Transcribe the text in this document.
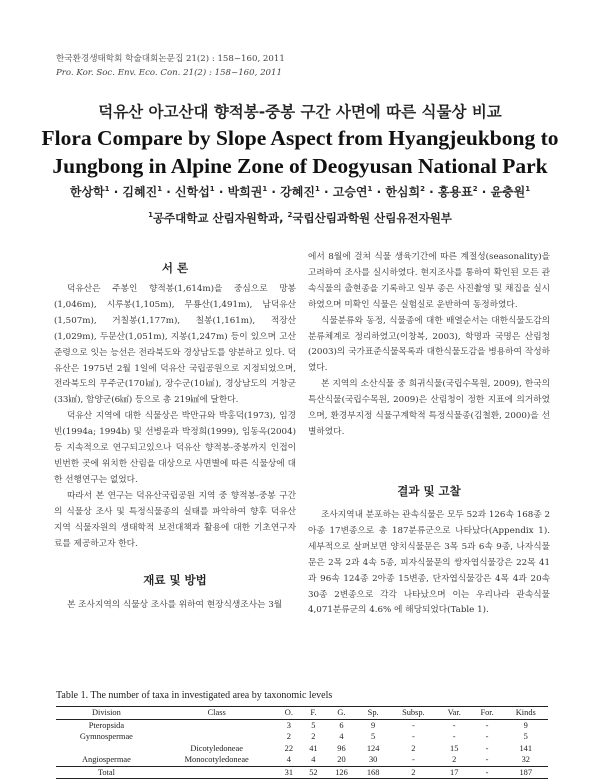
한국환경생태학회 학술대회논문집 21(2) : 158~160, 2011
Pro. Kor. Soc. Env. Eco. Con. 21(2) : 158~160, 2011
덕유산 아고산대 향적봉-중봉 구간 사면에 따른 식물상 비교
Flora Compare by Slope Aspect from Hyangjeukbong to
Jungbong in Alpine Zone of Deogyusan National Park
한상학$^1$ · 김혜진$^1$ · 신학섭$^1$ · 박희권$^1$ · 강혜진$^1$ · 고승연$^1$ · 한심희$^2$ · 홍용표$^2$ · 윤충원$^1$
$^1$공주대학교 산림자원학과, $^2$국립산림과학원 산림유전자원부
서 론

덕유산은 주봉인 향적봉(1,614m)을 중심으로 망봉(1,046m), 시루봉(1,105m), 무룡산(1,491m), 남덕유산(1,507m), 거칠봉(1,177m), 칠봉(1,161m), 적장산(1,029m), 두문산(1,051m), 지봉(1,247m) 등이 있으며 고산준령으로 잇는 능선은 전라북도와 경상남도를 양분하고 있다. 덕유산은 1975년 2월 1일에 덕유산 국립공원으로 지정되었으며, 전라북도의 무주군(170㎢), 장수군(10㎢), 경상남도의 거창군(33㎢), 함양군(6㎢) 등으로 총 219㎢에 달한다.

덕유산 지역에 대한 식물상은 박만규와 박홍덕(1973), 임경빈(1994a; 1994b) 및 선병윤과 박정희(1999), 임동옥(2004) 등 지속적으로 연구되고있으나 덕유산 향적봉-중봉까지 인접이 빈번한 곳에 위치한 산림을 대상으로 사면별에 따른 식물상에 대한 선행연구는 없었다.

따라서 본 연구는 덕유산국립공원 지역 중 향적봉-중봉 구간의 식물상 조사 및 특정식물종의 실태를 파악하여 향후 덕유산 지역 식물자원의 생태학적 보전대책과 활용에 대한 기초연구자료를 제공하고자 한다.

재료 및 방법

본 조사지역의 식물상 조사를 위하여 현장식생조사는 3월

에서 8월에 걸쳐 식물 생육기간에 따른 계절성(seasonality)을 고려하여 조사를 실시하였다. 현지조사를 통하여 확인된 모든 관속식물의 출현종을 기록하고 일부 종은 사진촬영 및 채집을 실시하였으며 미확인 식물은 실험실로 운반하여 동정하였다.

식물분류와 동정, 식물종에 대한 배열순서는 대한식물도감의 분류체계로 정리하였고(이창복, 2003), 학명과 국명은 산림청(2003)의 국가표준식물목록과 대한식물도감을 병용하여 작성하였다.

본 지역의 소산식물 중 희귀식물(국립수목원, 2009), 한국의 특산식물(국립수목원, 2009)은 산림청이 정한 지표에 의거하였으며, 환경부지정 식물구계학적 특정식물종(김철환, 2000)을 선별하였다.

결과 및 고찰

조사지역내 분포하는 관속식물은 모두 52과 126속 168종 2아종 17변종으로 총 187분류군으로 나타났다(Appendix 1). 세부적으로 살펴보면 양치식물문은 3목 5과 6속 9종, 나자식물문은 2목 2과 4속 5종, 피자식물문의 쌍자엽식물강은 22목 41과 96속 124종 2아종 15변종, 단자엽식물강은 4목 4과 20속 30종 2변종으로 각각 나타났으며 이는 우리나라 관속식물 4,071분류군의 4.6% 에 해당되었다(Table 1).

Table 1. The number of taxa in investigated area by taxonomic levels
Division	Class	O.	F.	G.	Sp.	Subsp.	Var.	For.	Kinds
Pteropsida		3	5	6	9	-	-	-	9
Gymnospermae		2	2	4	5	-	-	-	5
	Dicotyledoneae	22	41	96	124	2	15	-	141
Angiospermae	Monocotyledoneae	4	4	20	30	-	2	-	32
Total		31	52	126	168	2	17	-	187
